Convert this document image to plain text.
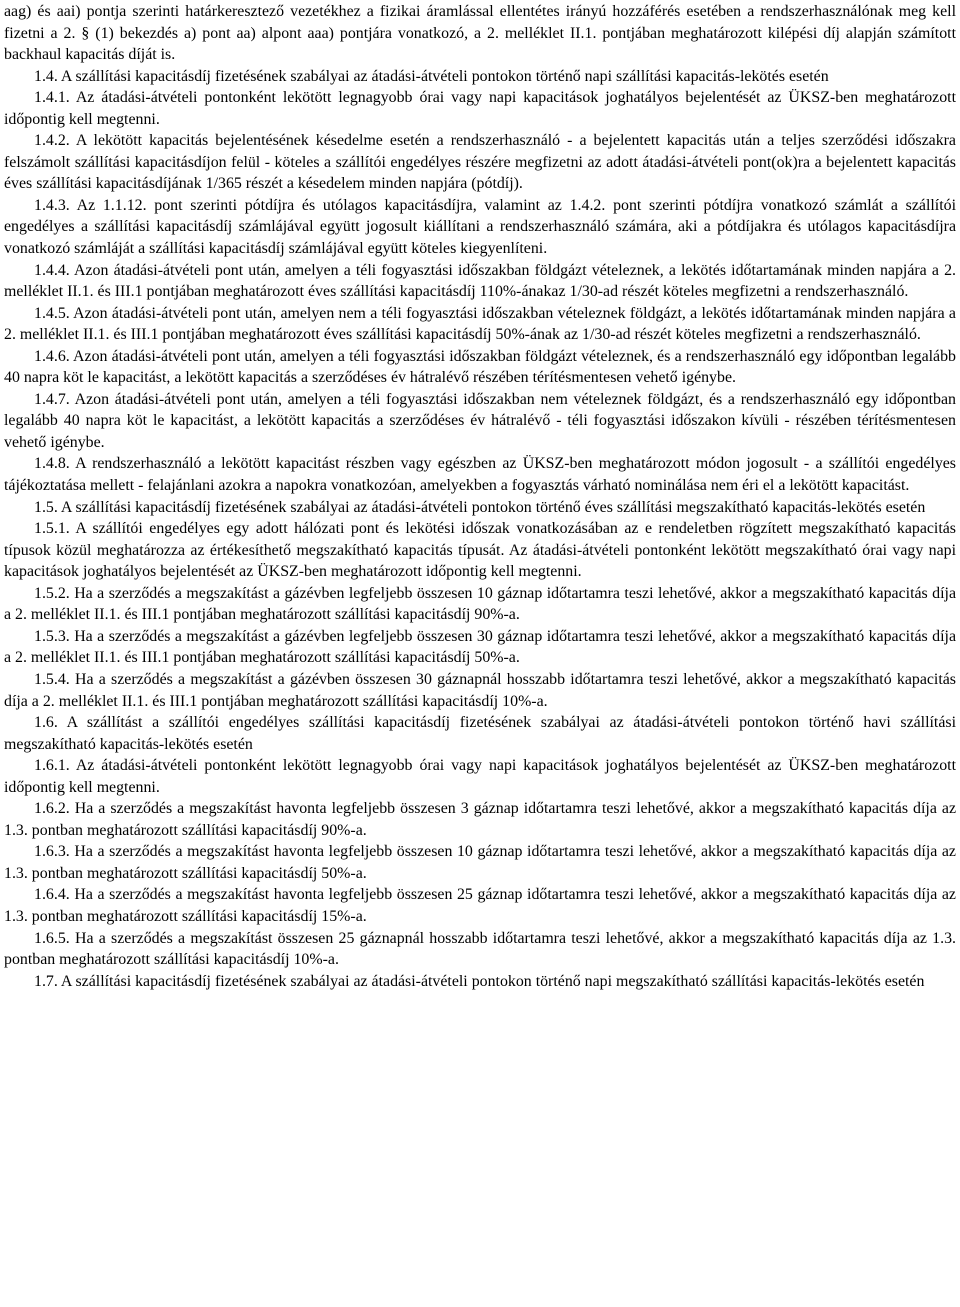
aag) és aai) pontja szerinti határkeresztező vezetékhez a fizikai áramlással ellentétes irányú hozzáférés esetében a rendszerhasználónak meg kell fizetni a 2. § (1) bekezdés a) pont aa) alpont aaa) pontjára vonatkozó, a 2. melléklet II.1. pontjában meghatározott kilépési díj alapján számított backhaul kapacitás díját is.

1.4. A szállítási kapacitásdíj fizetésének szabályai az átadási-átvételi pontokon történő napi szállítási kapacitás-lekötés esetén

1.4.1. Az átadási-átvételi pontonként lekötött legnagyobb órai vagy napi kapacitások joghatályos bejelentését az ÜKSZ-ben meghatározott időpontig kell megtenni.

1.4.2. A lekötött kapacitás bejelentésének késedelme esetén a rendszerhasználó - a bejelentett kapacitás után a teljes szerződési időszakra felszámolt szállítási kapacitásdíjon felül - köteles a szállítói engedélyes részére megfizetni az adott átadási-átvételi pont(ok)ra a bejelentett kapacitás éves szállítási kapacitásdíjának 1/365 részét a késedelem minden napjára (pótdíj).

1.4.3. Az 1.1.12. pont szerinti pótdíjra és utólagos kapacitásdíjra, valamint az 1.4.2. pont szerinti pótdíjra vonatkozó számlát a szállítói engedélyes a szállítási kapacitásdíj számlájával együtt jogosult kiállítani a rendszerhasználó számára, aki a pótdíjakra és utólagos kapacitásdíjra vonatkozó számláját a szállítási kapacitásdíj számlájával együtt köteles kiegyenlíteni.

1.4.4. Azon átadási-átvételi pont után, amelyen a téli fogyasztási időszakban földgázt vételeznek, a lekötés időtartamának minden napjára a 2. melléklet II.1. és III.1 pontjában meghatározott éves szállítási kapacitásdíj 110%-ánakaz 1/30-ad részét köteles megfizetni a rendszerhasználó.

1.4.5. Azon átadási-átvételi pont után, amelyen nem a téli fogyasztási időszakban vételeznek földgázt, a lekötés időtartamának minden napjára a 2. melléklet II.1. és III.1 pontjában meghatározott éves szállítási kapacitásdíj 50%-ának az 1/30-ad részét köteles megfizetni a rendszerhasználó.

1.4.6. Azon átadási-átvételi pont után, amelyen a téli fogyasztási időszakban földgázt vételeznek, és a rendszerhasználó egy időpontban legalább 40 napra köt le kapacitást, a lekötött kapacitás a szerződéses év hátralévő részében térítésmentesen vehető igénybe.

1.4.7. Azon átadási-átvételi pont után, amelyen a téli fogyasztási időszakban nem vételeznek földgázt, és a rendszerhasználó egy időpontban legalább 40 napra köt le kapacitást, a lekötött kapacitás a szerződéses év hátralévő - téli fogyasztási időszakon kívüli - részében térítésmentesen vehető igénybe.

1.4.8. A rendszerhasználó a lekötött kapacitást részben vagy egészben az ÜKSZ-ben meghatározott módon jogosult - a szállítói engedélyes tájékoztatása mellett - felajánlani azokra a napokra vonatkozóan, amelyekben a fogyasztás várható nominálása nem éri el a lekötött kapacitást.

1.5. A szállítási kapacitásdíj fizetésének szabályai az átadási-átvételi pontokon történő éves szállítási megszakítható kapacitás-lekötés esetén

1.5.1. A szállítói engedélyes egy adott hálózati pont és lekötési időszak vonatkozásában az e rendeletben rögzített megszakítható kapacitás típusok közül meghatározza az értékesíthető megszakítható kapacitás típusát. Az átadási-átvételi pontonként lekötött megszakítható órai vagy napi kapacitások joghatályos bejelentését az ÜKSZ-ben meghatározott időpontig kell megtenni.

1.5.2. Ha a szerződés a megszakítást a gázévben legfeljebb összesen 10 gáznap időtartamra teszi lehetővé, akkor a megszakítható kapacitás díja a 2. melléklet II.1. és III.1 pontjában meghatározott szállítási kapacitásdíj 90%-a.

1.5.3. Ha a szerződés a megszakítást a gázévben legfeljebb összesen 30 gáznap időtartamra teszi lehetővé, akkor a megszakítható kapacitás díja a 2. melléklet II.1. és III.1 pontjában meghatározott szállítási kapacitásdíj 50%-a.

1.5.4. Ha a szerződés a megszakítást a gázévben összesen 30 gáznapnál hosszabb időtartamra teszi lehetővé, akkor a megszakítható kapacitás díja a 2. melléklet II.1. és III.1 pontjában meghatározott szállítási kapacitásdíj 10%-a.

1.6. A szállítást a szállítói engedélyes szállítási kapacitásdíj fizetésének szabályai az átadási-átvételi pontokon történő havi szállítási megszakítható kapacitás-lekötés esetén

1.6.1. Az átadási-átvételi pontonként lekötött legnagyobb órai vagy napi kapacitások joghatályos bejelentését az ÜKSZ-ben meghatározott időpontig kell megtenni.

1.6.2. Ha a szerződés a megszakítást havonta legfeljebb összesen 3 gáznap időtartamra teszi lehetővé, akkor a megszakítható kapacitás díja az 1.3. pontban meghatározott szállítási kapacitásdíj 90%-a.

1.6.3. Ha a szerződés a megszakítást havonta legfeljebb összesen 10 gáznap időtartamra teszi lehetővé, akkor a megszakítható kapacitás díja az 1.3. pontban meghatározott szállítási kapacitásdíj 50%-a.

1.6.4. Ha a szerződés a megszakítást havonta legfeljebb összesen 25 gáznap időtartamra teszi lehetővé, akkor a megszakítható kapacitás díja az 1.3. pontban meghatározott szállítási kapacitásdíj 15%-a.

1.6.5. Ha a szerződés a megszakítást összesen 25 gáznapnál hosszabb időtartamra teszi lehetővé, akkor a megszakítható kapacitás díja az 1.3. pontban meghatározott szállítási kapacitásdíj 10%-a.

1.7. A szállítási kapacitásdíj fizetésének szabályai az átadási-átvételi pontokon történő napi megszakítható szállítási kapacitás-lekötés esetén
